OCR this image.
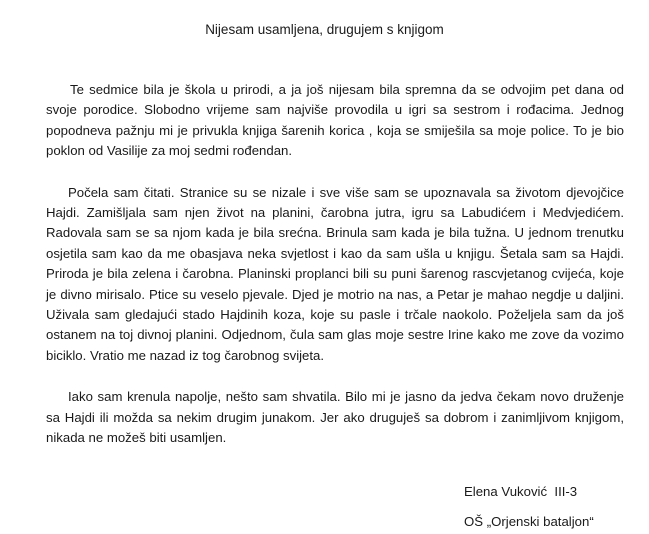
Nijesam usamljena, drugujem s knjigom

Te sedmice bila je škola u prirodi, a ja još nijesam bila spremna da se odvojim pet dana od svoje porodice. Slobodno vrijeme sam najviše provodila u igri sa sestrom i rođacima. Jednog popodneva pažnju mi je privukla knjiga šarenih korica , koja se smiješila sa moje police. To je bio poklon od Vasilije za moj sedmi rođendan.

Počela sam čitati. Stranice su se nizale i sve više sam se upoznavala sa životom djevojčice Hajdi. Zamišljala sam njen život na planini, čarobna jutra, igru sa Labudićem i Medvjedićem. Radovala sam se sa njom kada je bila srećna. Brinula sam kada je bila tužna. U jednom trenutku osjetila sam kao da me obasjava neka svjetlost i kao da sam ušla u knjigu. Šetala sam sa Hajdi. Priroda je bila zelena i čarobna. Planinski proplanci bili su puni šarenog rascvjetanog cvijeća, koje je divno mirisalo. Ptice su veselo pjevale. Djed je motrio na nas, a Petar je mahao negdje u daljini. Uživala sam gledajući stado Hajdinih koza, koje su pasle i trčale naokolo. Poželjela sam da još ostanem na toj divnoj planini. Odjednom, čula sam glas moje sestre Irine kako me zove da vozimo biciklo. Vratio me nazad iz tog čarobnog svijeta.

Iako sam krenula napolje, nešto sam shvatila. Bilo mi je jasno da jedva čekam novo druženje sa Hajdi ili možda sa nekim drugim junakom. Jer ako druguješ sa dobrom i zanimljivom knjigom, nikada ne možeš biti usamljen.

Elena Vuković  III-3
OŠ „Orjenski bataljon“
